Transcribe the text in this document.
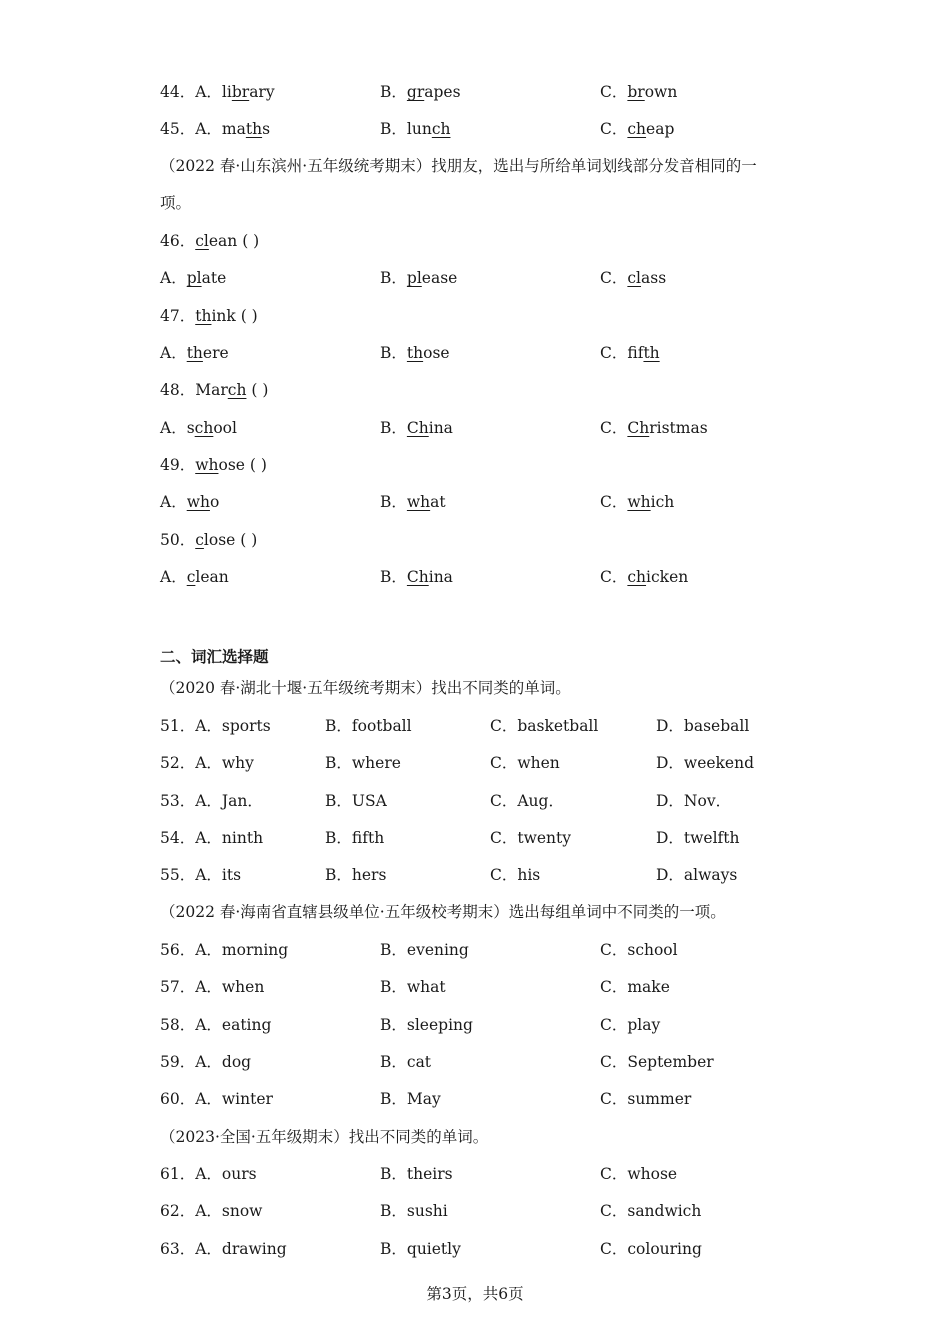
44．A．library	B．grapes	C．brown
45．A．maths	B．lunch	C．cheap
（2022 春·山东滨州·五年级统考期末）找朋友，选出与所给单词划线部分发音相同的一
项。
46．clean ( )
A．plate	B．please	C．class
47．think ( )
A．there	B．those	C．fifth
48．March ( )
A．school	B．China	C．Christmas
49．whose ( )
A．who	B．what	C．which
50．close ( )
A．clean	B．China	C．chicken
二、词汇选择题
（2020 春·湖北十堰·五年级统考期末）找出不同类的单词。
51．A．sports	B．football	C．basketball	D．baseball
52．A．why	B．where	C．when	D．weekend
53．A．Jan．	B．USA	C．Aug．	D．Nov．
54．A．ninth	B．fifth	C．twenty	D．twelfth
55．A．its	B．hers	C．his	D．always
（2022 春·海南省直辖县级单位·五年级校考期末）选出每组单词中不同类的一项。
56．A．morning	B．evening	C．school
57．A．when	B．what	C．make
58．A．eating	B．sleeping	C．play
59．A．dog	B．cat	C．September
60．A．winter	B．May	C．summer
（2023·全国·五年级期末）找出不同类的单词。
61．A．ours	B．theirs	C．whose
62．A．snow	B．sushi	C．sandwich
63．A．drawing	B．quietly	C．colouring
第3页，共6页
